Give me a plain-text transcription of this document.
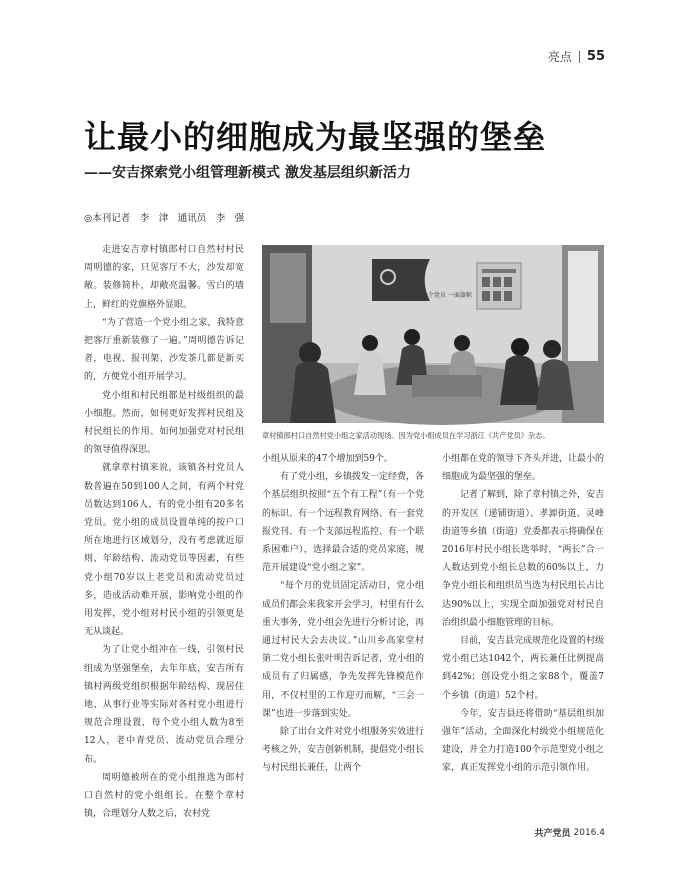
亮点 55
让最小的细胞成为最坚强的堡垒
——安吉探索党小组管理新模式 激发基层组织新活力
◎本刊记者　李　津　通讯员　李　强
一个党员 一面旗帜
章村镇郎村口自然村党小组之家活动现场。因为党小组成员在学习浙江《共产党员》杂志。

走进安吉章村镇郎村口自然村村民周明德的家，只见客厅不大，沙发却宽敞。装修简朴，却敞亮温馨。雪白的墙上，鲜红的党旗格外显眼。

“为了营造一个党小组之家，我特意把客厅重新装修了一遍。”周明德告诉记者，电视、报刊架、沙发茶几都是新买的，方便党小组开展学习。

党小组和村民组都是村级组织的最小细胞。然而，如何更好发挥村民组及村民组长的作用、如何加强党对村民组的领导值得深思。

就拿章村镇来说，该镇各村党员人数普遍在50到100人之间，有两个村党员数达到106人，有的党小组有20多名党员。党小组的成员设置单纯的按户口所在地进行区域划分，没有考虑就近原则、年龄结构、流动党员等因素，有些党小组70岁以上老党员和流动党员过多，造成活动难开展，影响党小组的作用发挥，党小组对村民小组的引领更是无从谈起。

为了让党小组冲在一线，引领村民组成为坚强堡垒，去年年底，安吉所有镇村两级党组织根据年龄结构、现居住地、从事行业等实际对各村党小组进行规范合理设置，每个党小组人数为8至12人，老中青党员、流动党员合理分布。

周明德被所在的党小组推选为郎村口自然村的党小组组长。在整个章村镇，合理划分人数之后，农村党

小组从原来的47个增加到59个。

有了党小组，乡镇拨发一定经费，各个基层组织按照“五个有工程”（有一个党的标识、有一个远程教育网络、有一套党报党刊、有一个支部远程监控、有一个联系困难户），选择最合适的党员家庭，规范开展建设“党小组之家”。

“每个月的党员固定活动日，党小组成员们都会来我家开会学习，村里有什么重大事务，党小组会先进行分析讨论，再通过村民大会去决议。”山川乡高家堂村第二党小组长张叶明告诉记者，党小组的成员有了归属感，争先发挥先锋模范作用，不仅村里的工作迎刃而解，“三会一课”也进一步落到实处。

除了出台文件对党小组服务实效进行考核之外，安吉创新机制，提倡党小组长与村民组长兼任，让两个

小组都在党的领导下齐头并进，让最小的细胞成为最坚强的堡垒。

记者了解到，除了章村镇之外，安吉的开发区（递铺街道）、孝源街道、灵峰街道等乡镇（街道）党委都表示将确保在2016年村民小组长选举时，“两长”合一人数达到党小组长总数的60%以上，力争党小组长和组织员当选为村民组长占比达90%以上，实现全面加强党对村民自治组织最小细胞管理的目标。

目前，安吉县完成规范化设置的村级党小组已达1042个，两长兼任比例提高到42%；创设党小组之家88个，覆盖7个乡镇（街道）52个村。

今年，安吉县还将借助“基层组织加强年”活动，全面深化村级党小组规范化建设，并全力打造100个示范型党小组之家，真正发挥党小组的示范引领作用。

共产党员 2016.4
